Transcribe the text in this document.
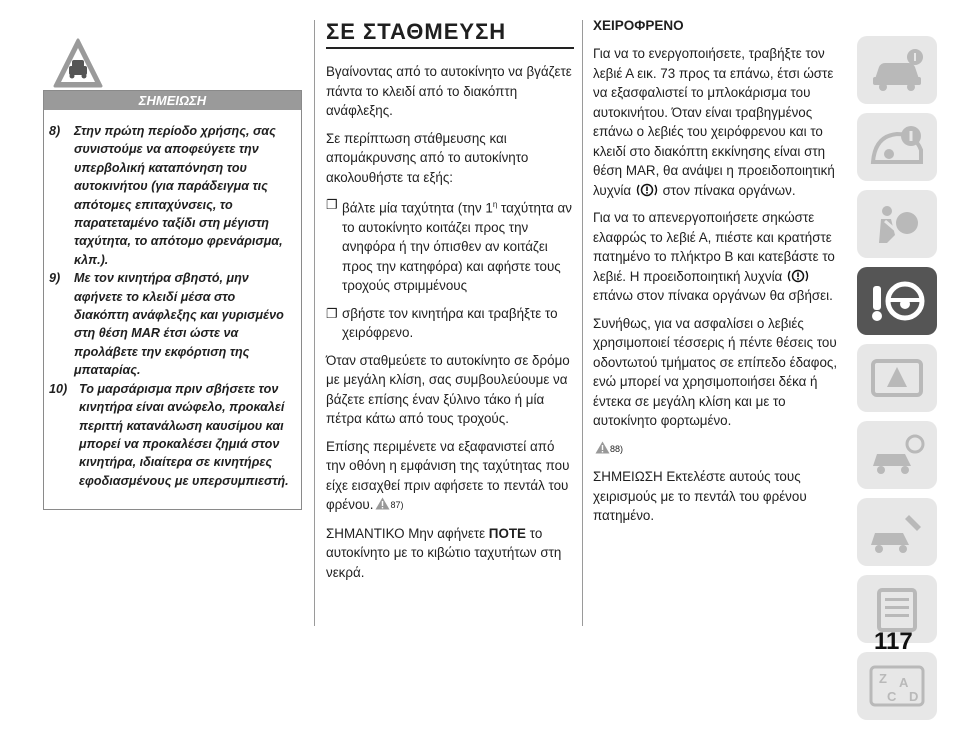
ΣΗΜΕΙΩΣΗ
8)	Στην πρώτη περίοδο χρήσης, σας συνιστούμε να αποφεύγετε την υπερβολική καταπόνηση του αυτοκινήτου (για παράδειγμα τις απότομες επιταχύνσεις, το παρατεταμένο ταξίδι στη μέγιστη ταχύτητα, το απότομο φρενάρισμα, κλπ.).
9)	Με τον κινητήρα σβηστό, μην αφήνετε το κλειδί μέσα στο διακόπτη ανάφλεξης και γυρισμένο στη θέση MAR έτσι ώστε να προλάβετε την εκφόρτιση της μπαταρίας.
10) Το μαρσάρισμα πριν σβήσετε τον κινητήρα είναι ανώφελο, προκαλεί περιττή κατανάλωση καυσίμου και μπορεί να προκαλέσει ζημιά στον κινητήρα, ιδιαίτερα σε κινητήρες εφοδιασμένους με υπερσυμπιεστή.
ΣΕ ΣΤΑΘΜΕΥΣΗ

Βγαίνοντας από το αυτοκίνητο να βγάζετε πάντα το κλειδί από το διακόπτη ανάφλεξης.

Σε περίπτωση στάθμευσης και απομάκρυνσης από το αυτοκίνητο ακολουθήστε τα εξής:

❐ βάλτε μία ταχύτητα (την $1^\eta$ ταχύτητα αν το αυτοκίνητο κοιτάζει προς την ανηφόρα ή την όπισθεν αν κοιτάζει προς την κατηφόρα) και αφήστε τους τροχούς στριμμένους
❐ σβήστε τον κινητήρα και τραβήξτε το χειρόφρενο.

Όταν σταθμεύετε το αυτοκίνητο σε δρόμο με μεγάλη κλίση, σας συμβουλεύουμε να βάζετε επίσης έναν ξύλινο τάκο ή μία πέτρα κάτω από τους τροχούς.

Επίσης περιμένετε να εξαφανιστεί από την οθόνη η εμφάνιση της ταχύτητας που είχε εισαχθεί πριν αφήσετε το πεντάλ του φρένου. 87)

ΣΗΜΑΝΤΙΚΟ Μην αφήνετε ΠΟΤΕ το αυτοκίνητο με το κιβώτιο ταχυτήτων στη νεκρά.

ΧΕΙΡΟΦΡΕΝΟ

Για να το ενεργοποιήσετε, τραβήξτε τον λεβιέ Α εικ. 73 προς τα επάνω, έτσι ώστε να εξασφαλιστεί το μπλοκάρισμα του αυτοκινήτου. Όταν είναι τραβηγμένος επάνω ο λεβιές του χειρόφρενου και το κλειδί στο διακόπτη εκκίνησης είναι στη θέση MAR, θα ανάψει η προειδοποιητική λυχνία στον πίνακα οργάνων.

Για να το απενεργοποιήσετε σηκώστε ελαφρώς το λεβιέ Α, πιέστε και κρατήστε πατημένο το πλήκτρο B και κατεβάστε το λεβιέ. Η προειδοποιητική λυχνία  επάνω στον πίνακα οργάνων θα σβήσει.

Συνήθως, για να ασφαλίσει ο λεβιές χρησιμοποιεί τέσσερις ή πέντε θέσεις του οδοντωτού τμήματος σε επίπεδο έδαφος, ενώ μπορεί να χρησιμοποιήσει δέκα ή έντεκα σε μεγάλη κλίση και με το αυτοκίνητο φορτωμένο.

88)

ΣΗΜΕΙΩΣΗ Εκτελέστε αυτούς τους χειρισμούς με το πεντάλ του φρένου πατημένο.

Z A
C D
117
